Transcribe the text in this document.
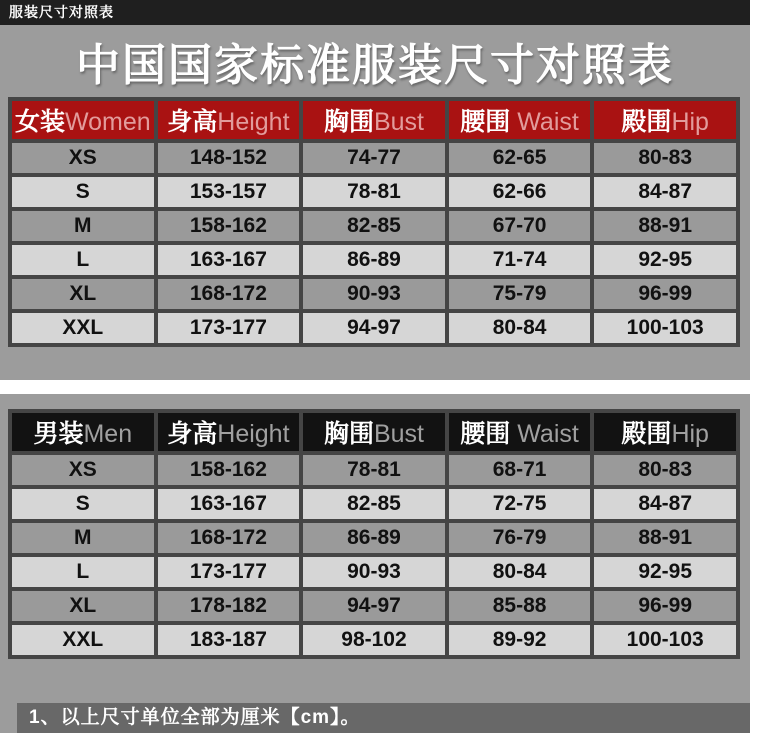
服装尺寸对照表
中国国家标准服装尺寸对照表
女装Women	身高Height	胸围Bust	腰围 Waist	殿围Hip
XS	148-152	74-77	62-65	80-83
S	153-157	78-81	62-66	84-87
M	158-162	82-85	67-70	88-91
L	163-167	86-89	71-74	92-95
XL	168-172	90-93	75-79	96-99
XXL	173-177	94-97	80-84	100-103
男装Men	身高Height	胸围Bust	腰围 Waist	殿围Hip
XS	158-162	78-81	68-71	80-83
S	163-167	82-85	72-75	84-87
M	168-172	86-89	76-79	88-91
L	173-177	90-93	80-84	92-95
XL	178-182	94-97	85-88	96-99
XXL	183-187	98-102	89-92	100-103
1、以上尺寸单位全部为厘米【cm】。
